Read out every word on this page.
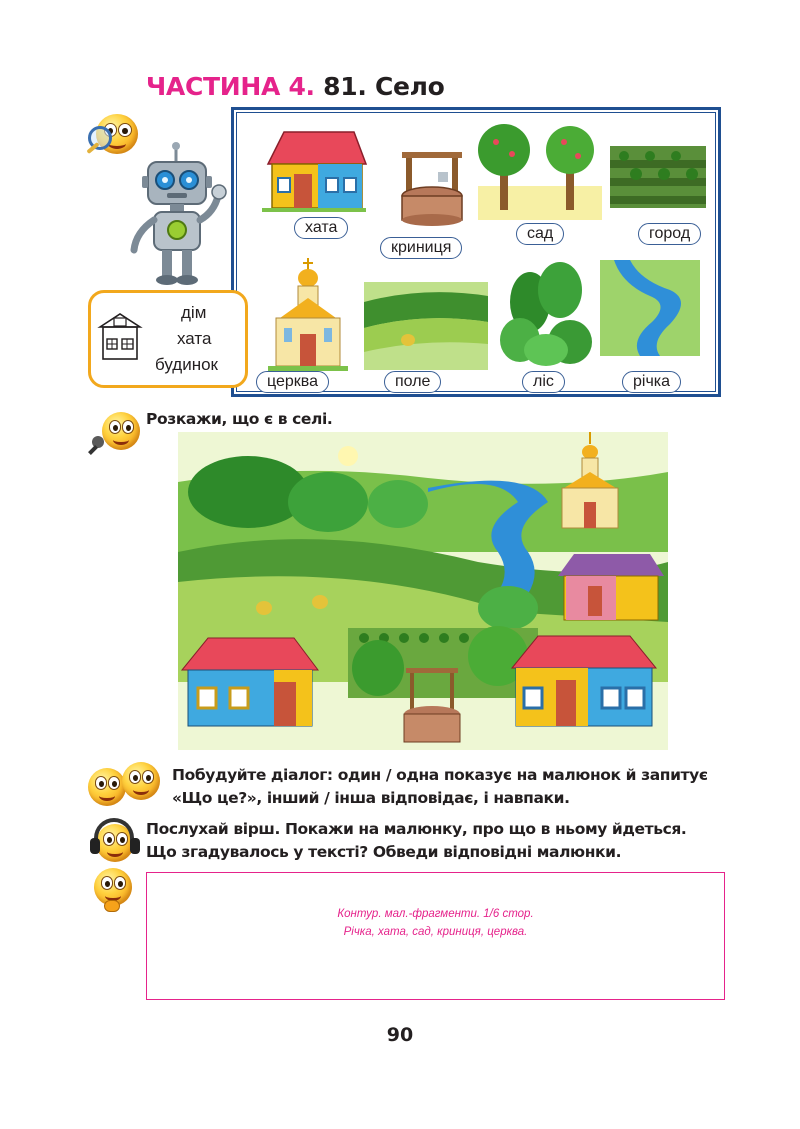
ЧАСТИНА 4. 81. Село
хата
криниця
сад	город
церква	поле	ліс	річка
дім
хата
будинок
Розкажи, що є в селі.
Побудуйте діалог: один / одна показує на малюнок й запитує
«Що це?», інший / інша відповідає, і навпаки.
Послухай вірш. Покажи на малюнку, про що в ньому йдеться.
Що згадувалось у тексті? Обведи відповідні малюнки.
Контур. мал.-фрагменти. 1/6 стор.
Річка, хата, сад, криниця, церква.
90
